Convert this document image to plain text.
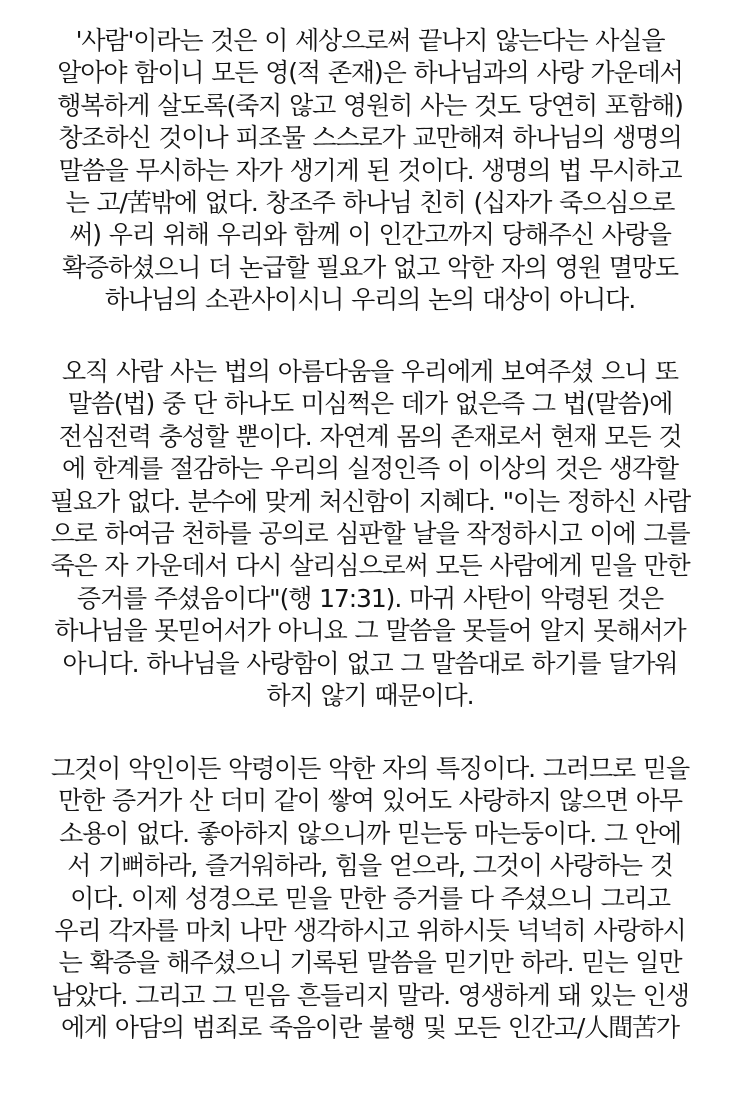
'사람'이라는 것은 이 세상으로써 끝나지 않는다는 사실을
알아야 함이니 모든 영(적 존재)은 하나님과의 사랑 가운데서
행복하게 살도록(죽지 않고 영원히 사는 것도 당연히 포함해)
창조하신 것이나 피조물 스스로가 교만해져 하나님의 생명의
말씀을 무시하는 자가 생기게 된 것이다. 생명의 법 무시하고
는 고/苦밖에 없다. 창조주 하나님 친히 (십자가 죽으심으로
써) 우리 위해 우리와 함께 이 인간고까지 당해주신 사랑을
확증하셨으니 더 논급할 필요가 없고 악한 자의 영원 멸망도
하나님의 소관사이시니 우리의 논의 대상이 아니다.
오직 사람 사는 법의 아름다움을 우리에게 보여주셨 으니 또
말씀(법) 중 단 하나도 미심쩍은 데가 없은즉 그 법(말씀)에
전심전력 충성할 뿐이다. 자연계 몸의 존재로서 현재 모든 것
에 한계를 절감하는 우리의 실정인즉 이 이상의 것은 생각할
필요가 없다. 분수에 맞게 처신함이 지혜다. "이는 정하신 사람
으로 하여금 천하를 공의로 심판할 날을 작정하시고 이에 그를
죽은 자 가운데서 다시 살리심으로써 모든 사람에게 믿을 만한
증거를 주셨음이다"(행 17:31). 마귀 사탄이 악령된 것은
하나님을 못믿어서가 아니요 그 말씀을 못들어 알지 못해서가
아니다. 하나님을 사랑함이 없고 그 말씀대로 하기를 달가워
하지 않기 때문이다.
그것이 악인이든 악령이든 악한 자의 특징이다. 그러므로 믿을
만한 증거가 산 더미 같이 쌓여 있어도 사랑하지 않으면 아무
소용이 없다. 좋아하지 않으니까 믿는둥 마는둥이다. 그 안에
서 기뻐하라, 즐거워하라, 힘을 얻으라, 그것이 사랑하는 것
이다. 이제 성경으로 믿을 만한 증거를 다 주셨으니 그리고
우리 각자를 마치 나만 생각하시고 위하시듯 넉넉히 사랑하시
는 확증을 해주셨으니 기록된 말씀을 믿기만 하라. 믿는 일만
남았다. 그리고 그 믿음 흔들리지 말라. 영생하게 돼 있는 인생
에게 아담의 범죄로 죽음이란 불행 및 모든 인간고/人間苦가
